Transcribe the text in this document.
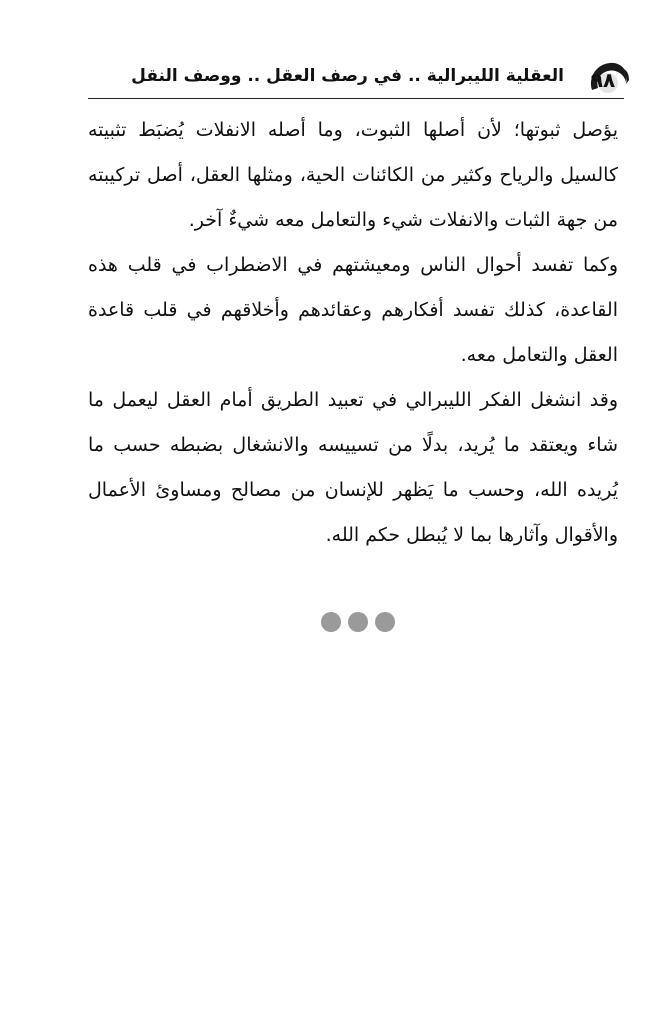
٩٨
العقلية الليبرالية .. في رصف العقل .. ووصف النقل

يؤصل ثبوتها؛ لأن أصلها الثبوت، وما أصله الانفلات يُضبَط تثبيته كالسيل والرياح وكثير من الكائنات الحية، ومثلها العقل، أصل تركيبته من جهة الثبات والانفلات شيء والتعامل معه شيءٌ آخر.

وكما تفسد أحوال الناس ومعيشتهم في الاضطراب في قلب هذه القاعدة، كذلك تفسد أفكارهم وعقائدهم وأخلاقهم في قلب قاعدة العقل والتعامل معه.

وقد انشغل الفكر الليبرالي في تعبيد الطريق أمام العقل ليعمل ما شاء ويعتقد ما يُريد، بدلًا من تسييسه والانشغال بضبطه حسب ما يُريده الله، وحسب ما يَظهر للإنسان من مصالح ومساوئ الأعمال والأقوال وآثارها بما لا يُبطل حكم الله.
